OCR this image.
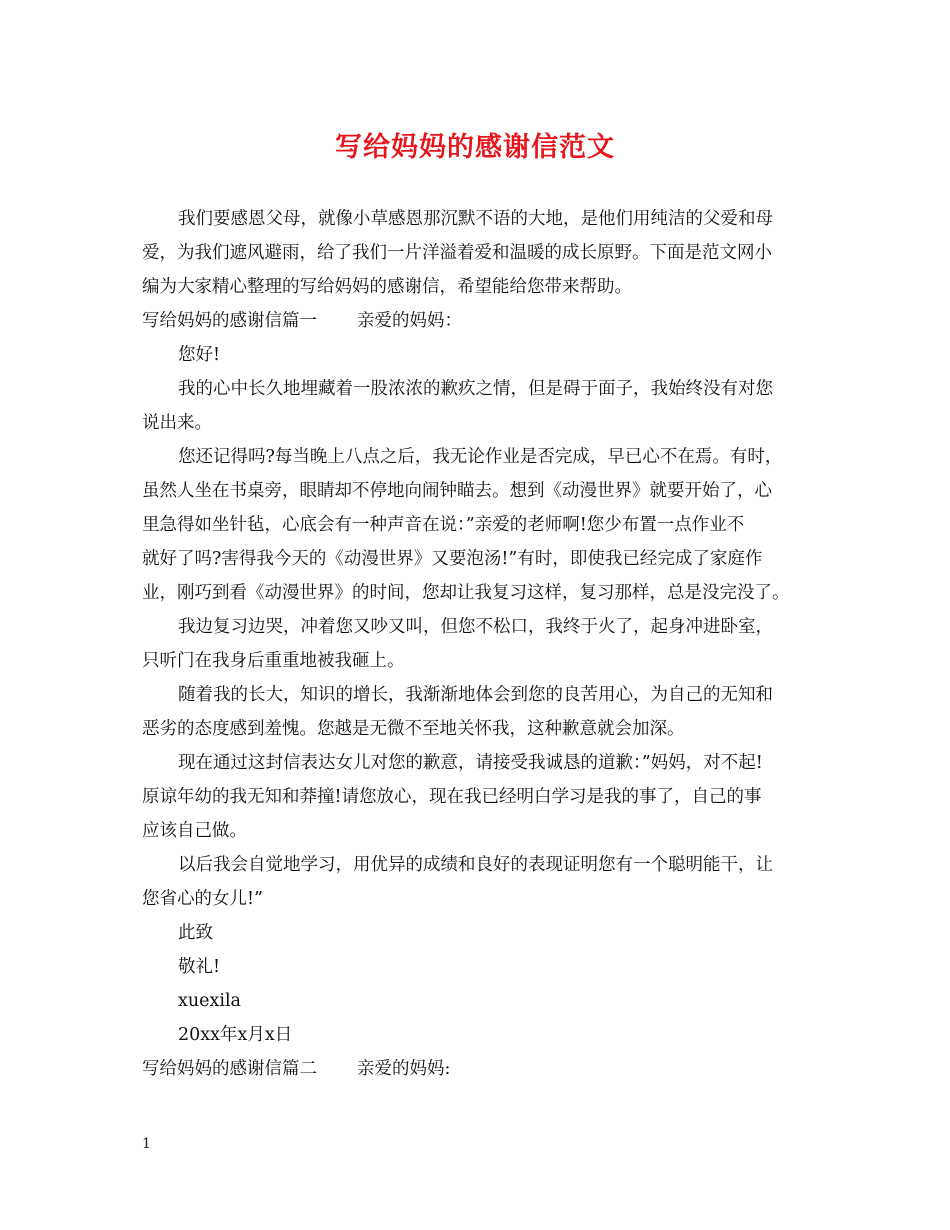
写给妈妈的感谢信范文
我们要感恩父母，就像小草感恩那沉默不语的大地，是他们用纯洁的父爱和母
爱，为我们遮风避雨，给了我们一片洋溢着爱和温暖的成长原野。下面是范文网小
编为大家精心整理的写给妈妈的感谢信，希望能给您带来帮助。
写给妈妈的感谢信篇一 亲爱的妈妈：
您好!
我的心中长久地埋藏着一股浓浓的歉疚之情，但是碍于面子，我始终没有对您
说出来。
您还记得吗?每当晚上八点之后，我无论作业是否完成，早已心不在焉。有时，
虽然人坐在书桌旁，眼睛却不停地向闹钟瞄去。想到《动漫世界》就要开始了，心
里急得如坐针毡，心底会有一种声音在说：”亲爱的老师啊!您少布置一点作业不
就好了吗?害得我今天的《动漫世界》又要泡汤!”有时，即使我已经完成了家庭作
业，刚巧到看《动漫世界》的时间，您却让我复习这样，复习那样，总是没完没了。
我边复习边哭，冲着您又吵又叫，但您不松口，我终于火了，起身冲进卧室，
只听门在我身后重重地被我砸上。
随着我的长大，知识的增长，我渐渐地体会到您的良苦用心，为自己的无知和
恶劣的态度感到羞愧。您越是无微不至地关怀我，这种歉意就会加深。
现在通过这封信表达女儿对您的歉意，请接受我诚恳的道歉：”妈妈，对不起!
原谅年幼的我无知和莽撞!请您放心，现在我已经明白学习是我的事了，自己的事
应该自己做。
以后我会自觉地学习，用优异的成绩和良好的表现证明您有一个聪明能干，让
您省心的女儿!”
此致
敬礼!
xuexila
20xx年x月x日
写给妈妈的感谢信篇二 亲爱的妈妈:
1
